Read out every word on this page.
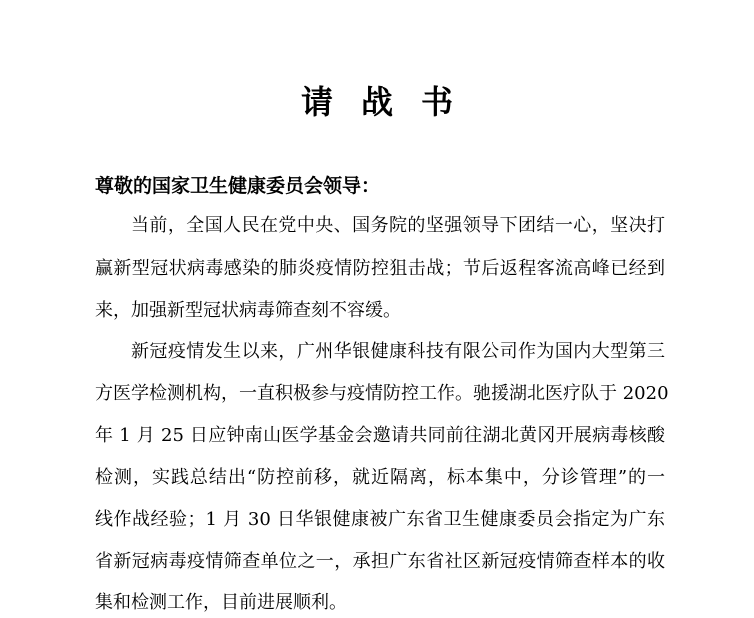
请战书
尊敬的国家卫生健康委员会领导：
当前，全国人民在党中央、国务院的坚强领导下团结一心，坚决打
赢新型冠状病毒感染的肺炎疫情防控狙击战；节后返程客流高峰已经到
来，加强新型冠状病毒筛查刻不容缓。
新冠疫情发生以来，广州华银健康科技有限公司作为国内大型第三
方医学检测机构，一直积极参与疫情防控工作。驰援湖北医疗队于 2020
年 1 月 25 日应钟南山医学基金会邀请共同前往湖北黄冈开展病毒核酸
检测，实践总结出“防控前移，就近隔离，标本集中，分诊管理”的一
线作战经验；1 月 30 日华银健康被广东省卫生健康委员会指定为广东
省新冠病毒疫情筛查单位之一，承担广东省社区新冠疫情筛查样本的收
集和检测工作，目前进展顺利。
